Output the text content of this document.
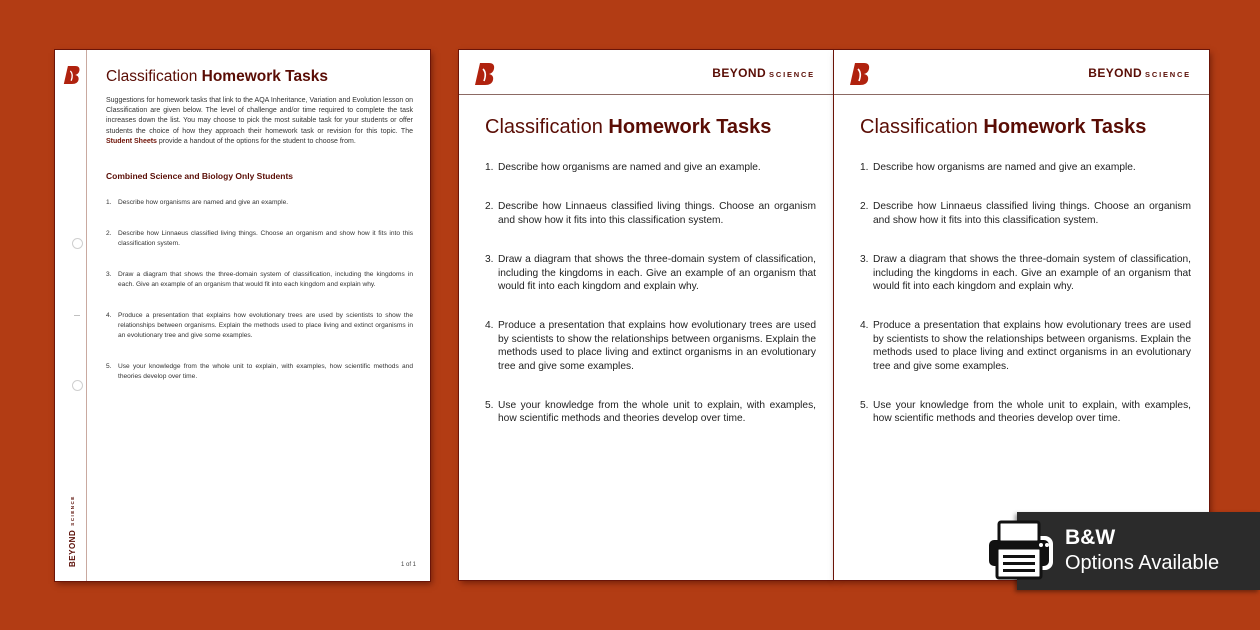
BEYONDSCIENCE
Classification Homework Tasks

Suggestions for homework tasks that link to the AQA Inheritance, Variation and Evolution lesson on Classification are given below. The level of challenge and/or time required to complete the task increases down the list. You may choose to pick the most suitable task for your students or offer students the choice of how they approach their homework task or revision for this topic. The Student Sheets provide a handout of the options for the student to choose from.

Combined Science and Biology Only Students
1. Describe how organisms are named and give an example.
2. Describe how Linnaeus classified living things. Choose an organism and show how it fits into this classification system.
3. Draw a diagram that shows the three-domain system of classification, including the kingdoms in each. Give an example of an organism that would fit into each kingdom and explain why.
4. Produce a presentation that explains how evolutionary trees are used by scientists to show the relationships between organisms. Explain the methods used to place living and extinct organisms in an evolutionary tree and give some examples.
5. Use your knowledge from the whole unit to explain, with examples, how scientific methods and theories develop over time.
1 of 1
BEYOND SCIENCE
Classification Homework Tasks
1. Describe how organisms are named and give an example.
2. Describe how Linnaeus classified living things. Choose an organism and show how it fits into this classification system.
3. Draw a diagram that shows the three-domain system of classification, including the kingdoms in each. Give an example of an organism that would fit into each kingdom and explain why.
4. Produce a presentation that explains how evolutionary trees are used by scientists to show the relationships between organisms. Explain the methods used to place living and extinct organisms in an evolutionary tree and give some examples.
5. Use your knowledge from the whole unit to explain, with examples, how scientific methods and theories develop over time.
BEYOND SCIENCE
Classification Homework Tasks
1. Describe how organisms are named and give an example.
2. Describe how Linnaeus classified living things. Choose an organism and show how it fits into this classification system.
3. Draw a diagram that shows the three-domain system of classification, including the kingdoms in each. Give an example of an organism that would fit into each kingdom and explain why.
4. Produce a presentation that explains how evolutionary trees are used by scientists to show the relationships between organisms. Explain the methods used to place living and extinct organisms in an evolutionary tree and give some examples.
5. Use your knowledge from the whole unit to explain, with examples, how scientific methods and theories develop over time.
B&W
Options Available
